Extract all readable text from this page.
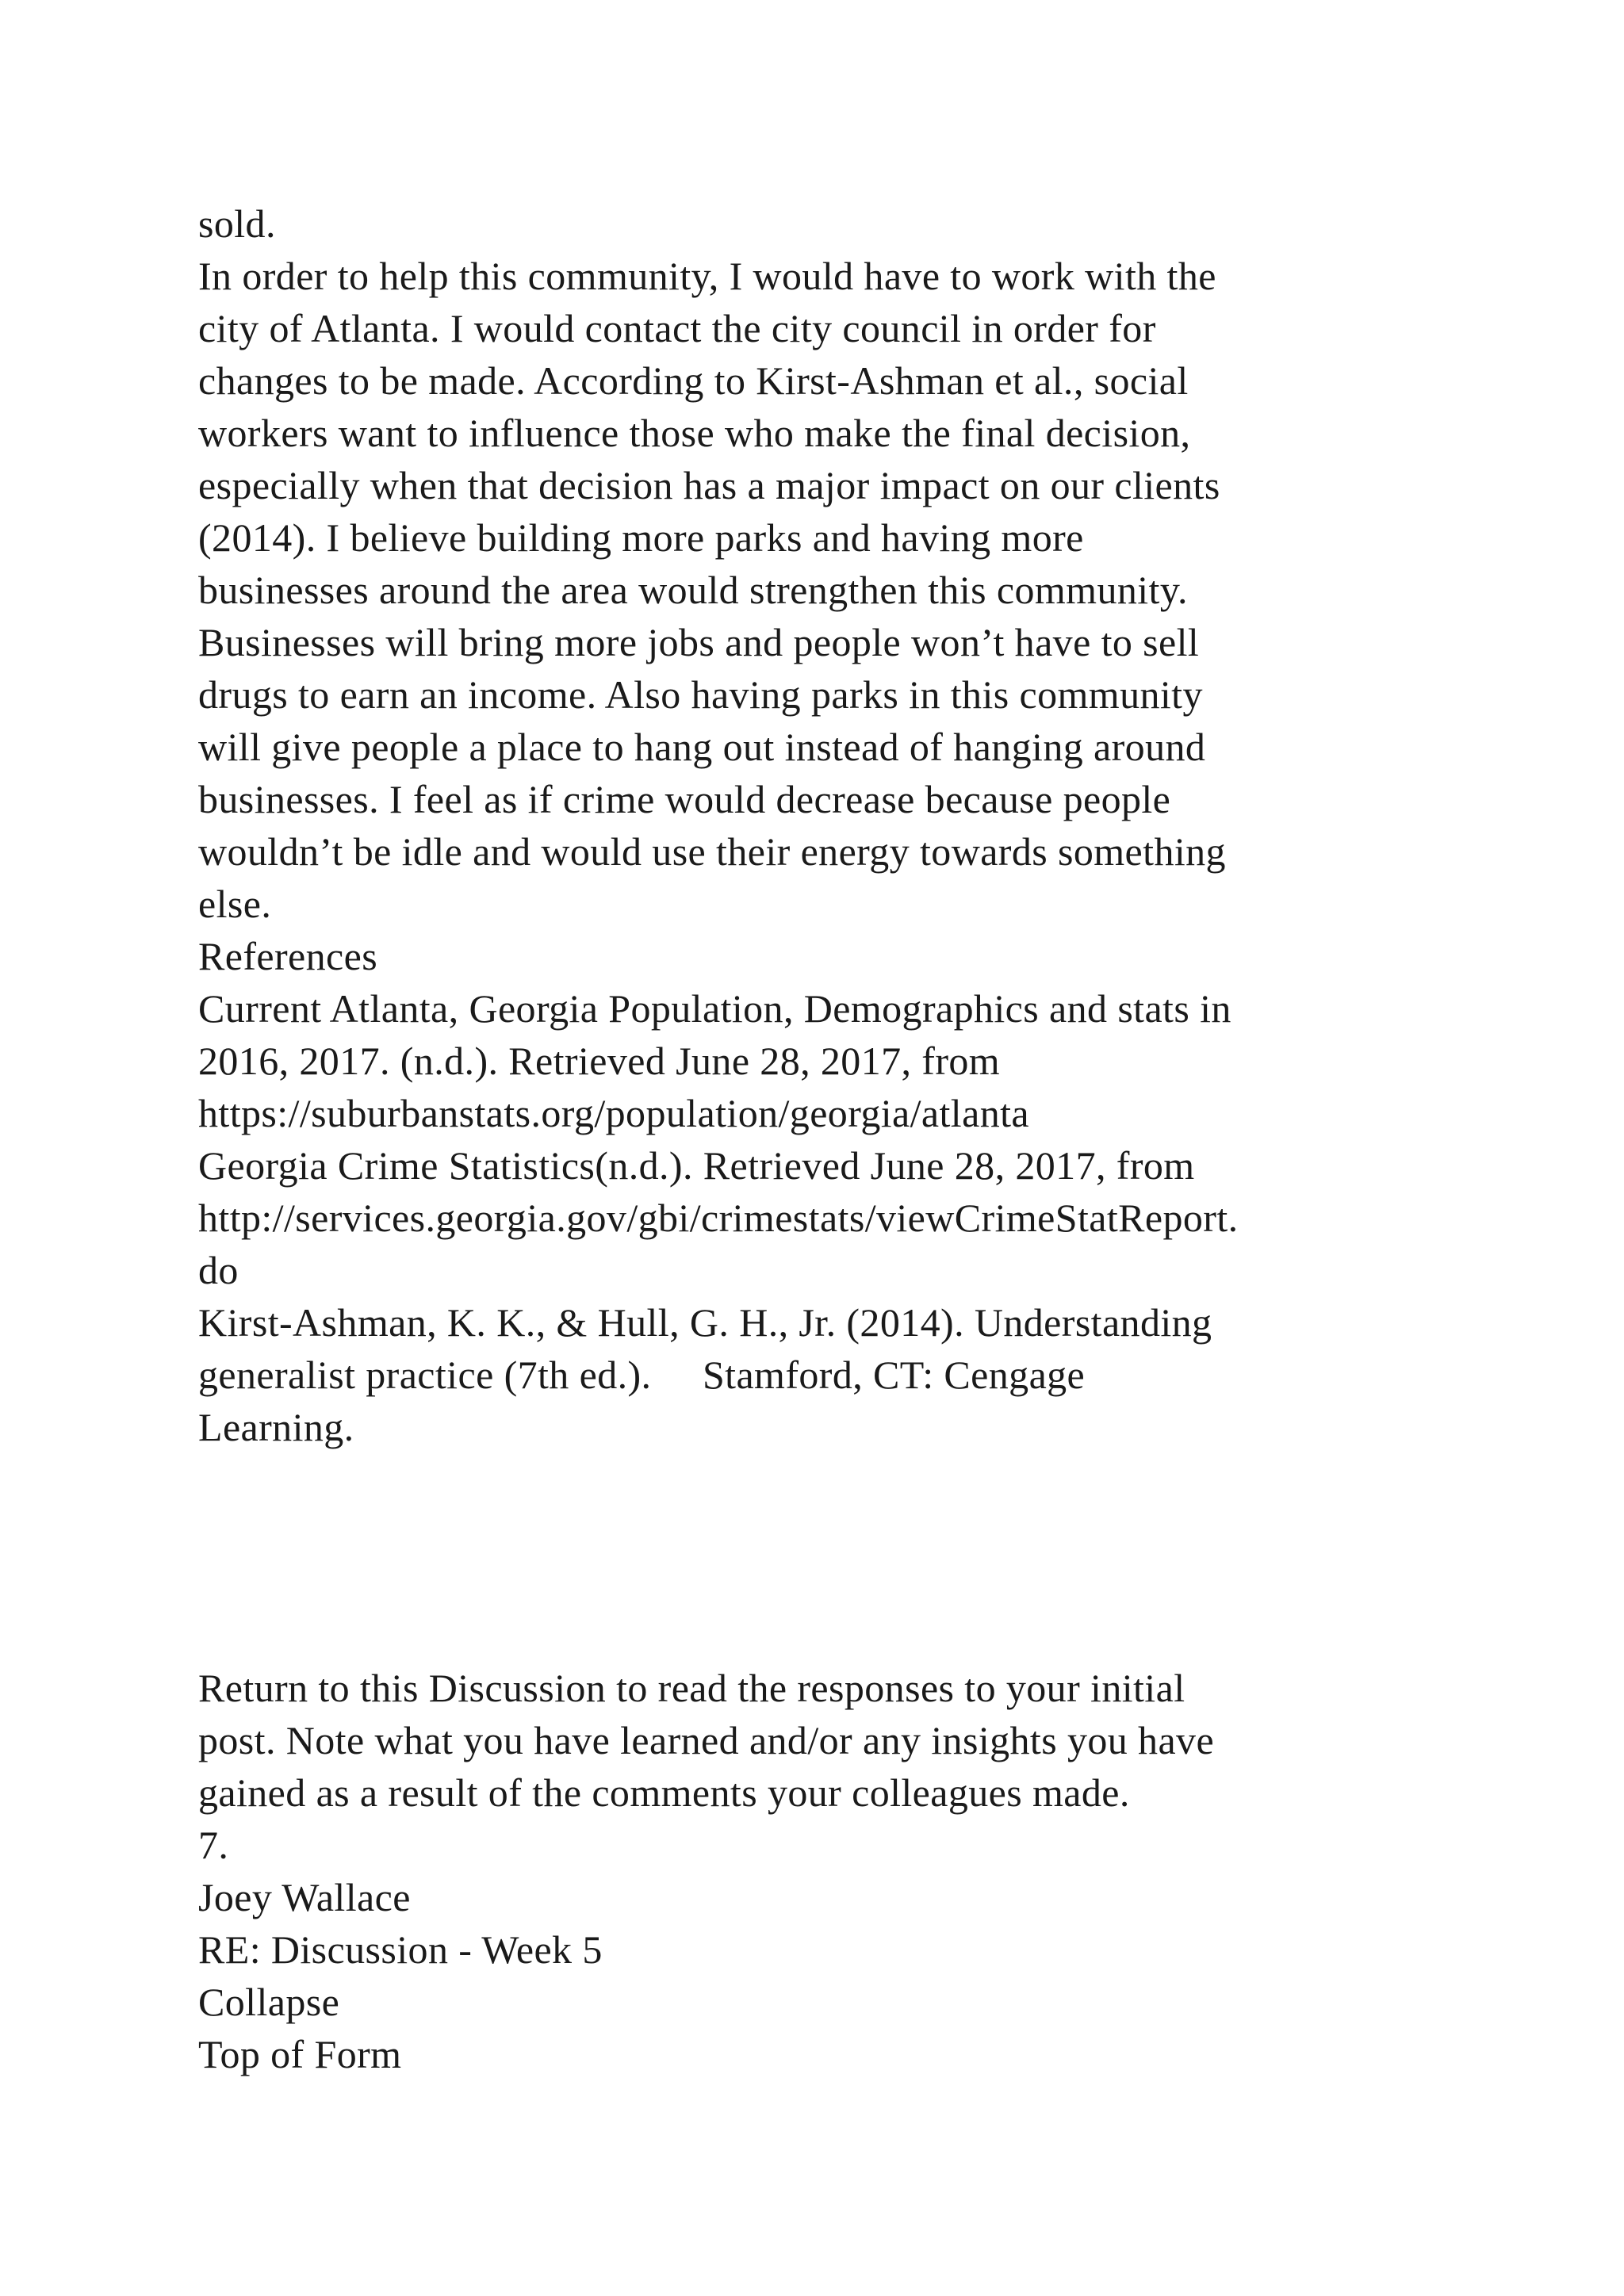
sold.
In order to help this community, I would have to work with the
city of Atlanta. I would contact the city council in order for
changes to be made. According to Kirst-Ashman et al., social
workers want to influence those who make the final decision,
especially when that decision has a major impact on our clients
(2014). I believe building more parks and having more
businesses around the area would strengthen this community.
Businesses will bring more jobs and people won’t have to sell
drugs to earn an income. Also having parks in this community
will give people a place to hang out instead of hanging around
businesses. I feel as if crime would decrease because people
wouldn’t be idle and would use their energy towards something
else.
References
Current Atlanta, Georgia Population, Demographics and stats in
2016, 2017. (n.d.). Retrieved June 28, 2017, from
https://suburbanstats.org/population/georgia/atlanta
Georgia Crime Statistics(n.d.). Retrieved June 28, 2017, from
http://services.georgia.gov/gbi/crimestats/viewCrimeStatReport.
do
Kirst-Ashman, K. K., & Hull, G. H., Jr. (2014). Understanding
generalist practice (7th ed.).     Stamford, CT: Cengage
Learning.
Return to this Discussion to read the responses to your initial
post. Note what you have learned and/or any insights you have
gained as a result of the comments your colleagues made.
7.
Joey Wallace
RE: Discussion - Week 5
Collapse
Top of Form
